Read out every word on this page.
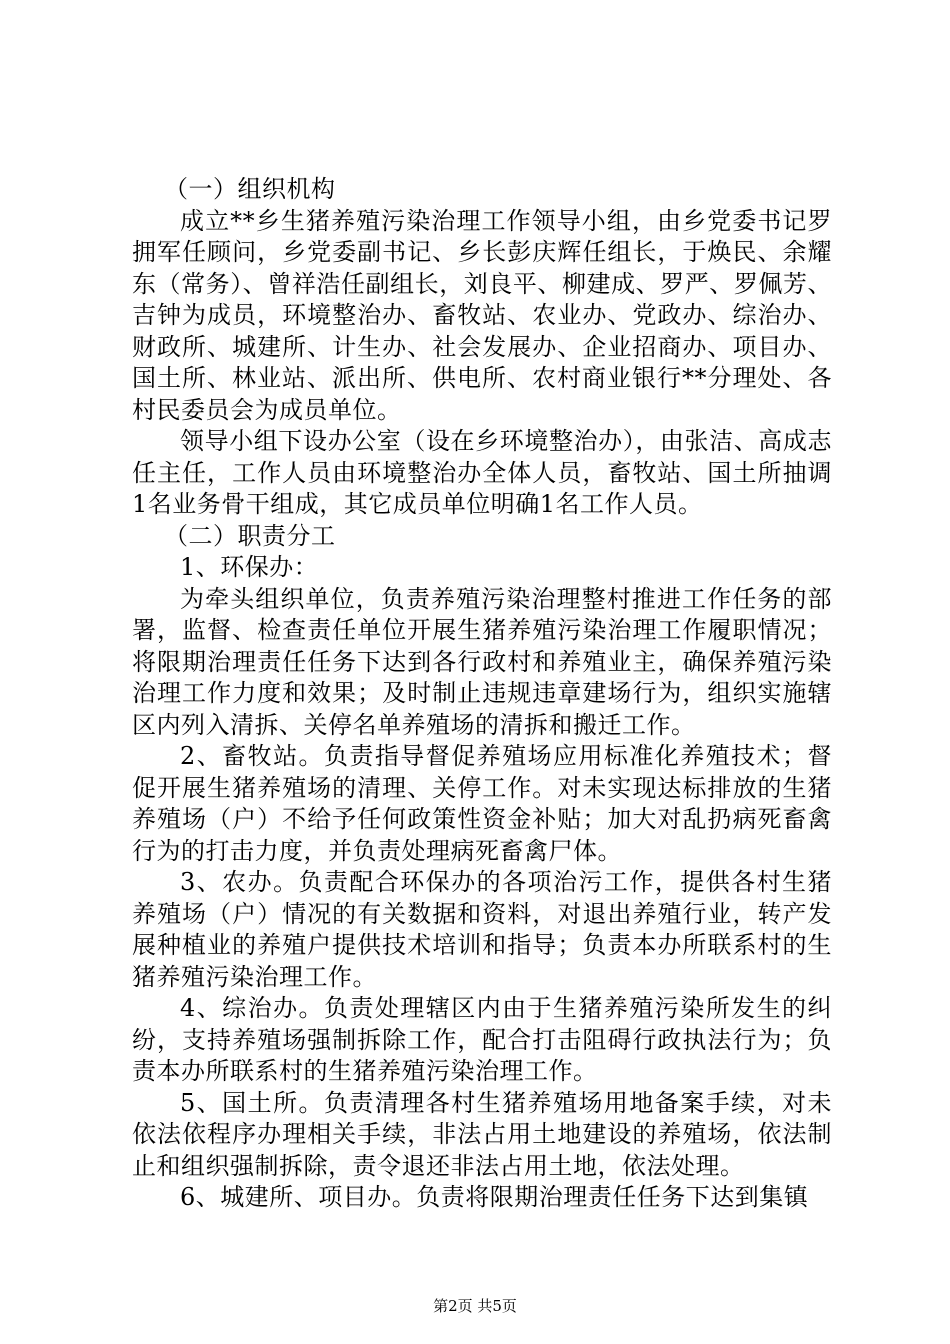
（一）组织机构

成立**乡生猪养殖污染治理工作领导小组，由乡党委书记罗拥军任顾问，乡党委副书记、乡长彭庆辉任组长，于焕民、余耀东（常务）、曾祥浩任副组长，刘良平、柳建成、罗严、罗佩芳、吉钟为成员，环境整治办、畜牧站、农业办、党政办、综治办、财政所、城建所、计生办、社会发展办、企业招商办、项目办、国土所、林业站、派出所、供电所、农村商业银行**分理处、各村民委员会为成员单位。

领导小组下设办公室（设在乡环境整治办），由张洁、高成志任主任，工作人员由环境整治办全体人员，畜牧站、国土所抽调1名业务骨干组成，其它成员单位明确1名工作人员。

（二）职责分工

1、环保办：

为牵头组织单位，负责养殖污染治理整村推进工作任务的部署，监督、检查责任单位开展生猪养殖污染治理工作履职情况；将限期治理责任任务下达到各行政村和养殖业主，确保养殖污染治理工作力度和效果；及时制止违规违章建场行为，组织实施辖区内列入清拆、关停名单养殖场的清拆和搬迁工作。

2、畜牧站。负责指导督促养殖场应用标准化养殖技术；督促开展生猪养殖场的清理、关停工作。对未实现达标排放的生猪养殖场（户）不给予任何政策性资金补贴；加大对乱扔病死畜禽行为的打击力度，并负责处理病死畜禽尸体。

3、农办。负责配合环保办的各项治污工作，提供各村生猪养殖场（户）情况的有关数据和资料，对退出养殖行业，转产发展种植业的养殖户提供技术培训和指导；负责本办所联系村的生猪养殖污染治理工作。

4、综治办。负责处理辖区内由于生猪养殖污染所发生的纠纷，支持养殖场强制拆除工作，配合打击阻碍行政执法行为；负责本办所联系村的生猪养殖污染治理工作。

5、国土所。负责清理各村生猪养殖场用地备案手续，对未依法依程序办理相关手续，非法占用土地建设的养殖场，依法制止和组织强制拆除，责令退还非法占用土地，依法处理。

6、城建所、项目办。负责将限期治理责任任务下达到集镇

第2页 共5页
